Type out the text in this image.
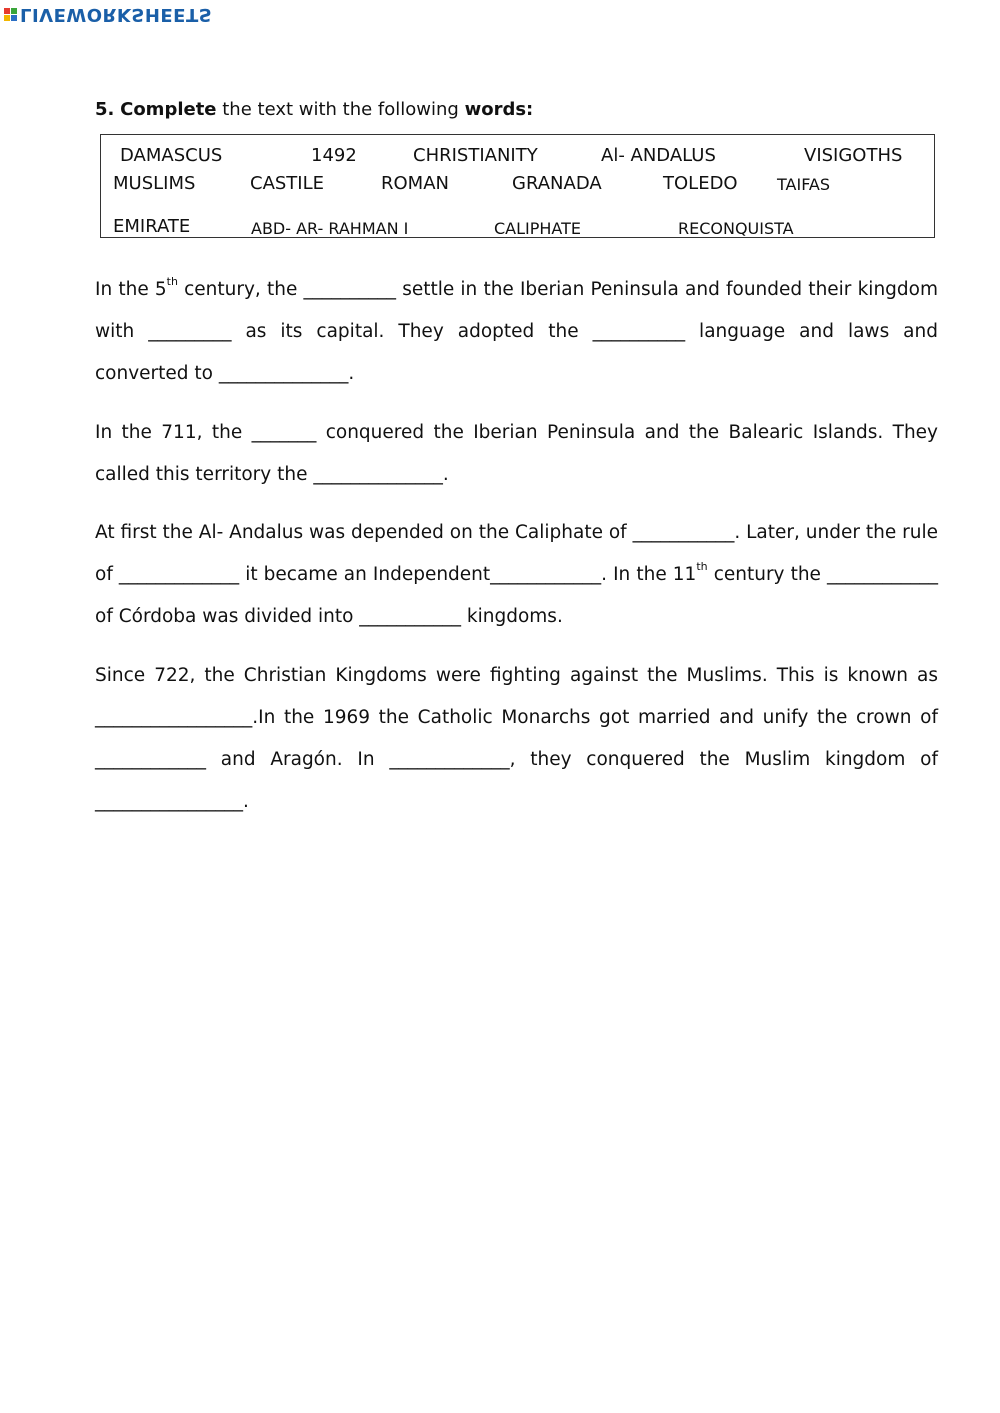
LIVEWORKSHEETS
5. Complete the text with the following words:
DAMASCUS	1492	CHRISTIANITY	Al- ANDALUS	VISIGOTHS
MUSLIMS	CASTILE	ROMAN	GRANADA	TOLEDO TAIFAS
EMIRATE	ABD- AR- RAHMAN I	CALIPHATE	RECONQUISTA

In the 5th century, the __________ settle in the Iberian Peninsula and founded their kingdom with _________ as its capital. They adopted the __________ language and laws and converted to ______________.

In the 711, the _______ conquered the Iberian Peninsula and the Balearic Islands. They called this territory the ______________.

At first the Al- Andalus was depended on the Caliphate of ___________. Later, under the rule of _____________ it became an Independent____________. In the 11th century the ____________ of Córdoba was divided into ___________ kingdoms.

Since 722, the Christian Kingdoms were fighting against the Muslims. This is known as _________________.In the 1969 the Catholic Monarchs got married and unify the crown of ____________ and Aragón. In _____________, they conquered the Muslim kingdom of ________________.
